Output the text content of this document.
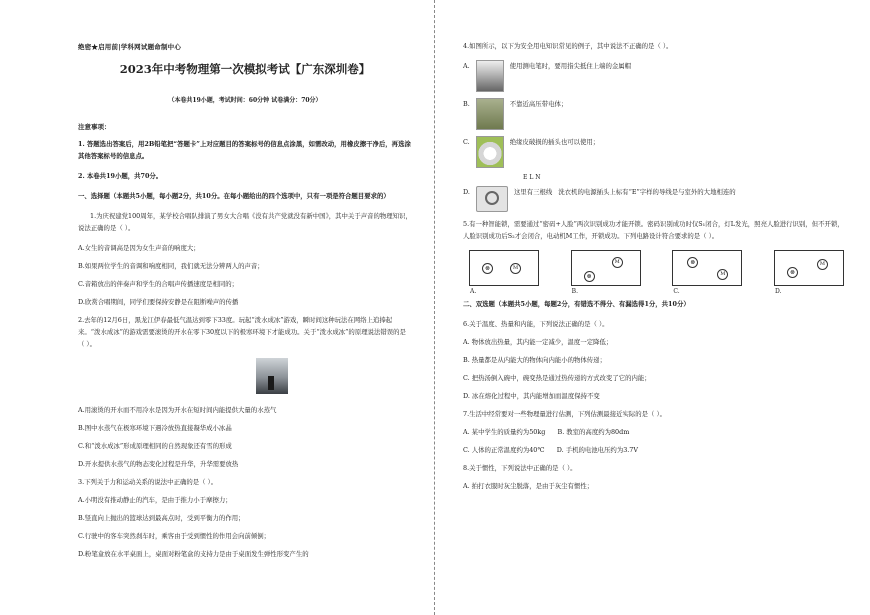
绝密★启用前|学科网试题命制中心
2023年中考物理第一次模拟考试【广东深圳卷】
（本卷共19小题，考试时间：60分钟 试卷满分：70分）
注意事项：

1. 答题选出答案后，用2B铅笔把“答题卡”上对应题目的答案标号的信息点涂黑，如需改动，用橡皮擦干净后，再选涂其他答案标号的信息点。

2. 本卷共19小题，共70分。

一、选择题（本题共5小题，每小题2分，共10分。在每小题给出的四个选项中，只有一项是符合题目要求的）

1.为庆祝建党100周年，某学校合唱队排演了男女大合唱《没有共产党就没有新中国》，其中关于声音的物理知识，说法正确的是（ ）。

A.女生的音调高是因为女生声音的响度大；

B.如果两位学生的音调和响度相同，我们就无法分辨两人的声音；

C.音箱放出的伴奏声和学生的合唱声传播速度是相同的；

D.欣赏合唱期间，同学们要保持安静是在阻断噪声的传播

2.去年的12月6日，黑龙江伊春最低气温达到零下33度。玩起“泼水成冰”游戏，瞬时间这种玩法在网络上追捧起来。“泼水成冰”的游戏需要滚烫的开水在零下30度以下的极寒环境下才能成功。关于“泼水成冰”的原理说法错误的是（ ）。

A.用滚烫的开水而不用冷水是因为开水在短时间内能提供大量的水蒸气

B.图中水蒸气在极寒环境下遇冷放热直接凝华成小冰晶

C.和“泼水成冰”形成原理相同的自然现象还有雪的形成

D.开水提供水蒸气的物态变化过程是升华，升华需要放热

3.下列关于力和运动关系的说法中正确的是（ ）。

A.小明没有推动静止的汽车，是由于推力小于摩擦力；

B.竖直向上抛出的篮球达到最高点时，受到平衡力的作用；

C.行驶中的客车突然刹车时，乘客由于受到惯性的作用会向前倾倒；

D.粉笔盒放在水平桌面上，桌面对粉笔盒的支持力是由于桌面发生弹性形变产生的

4.如图所示，以下为安全用电知识常见的例子，其中说法不正确的是（ ）。

A.	使用测电笔时，要用指尖抵住上端的金属帽
B.	不靠近高压带电体；
C.	绝缘皮破损的插头也可以使用；
E L N
D.	这里有三根线 洗衣机的电源插头上标有“E”字样的导线是与室外的大地相连的

5.有一种智能锁，需要通过“密码+人脸”两次识别成功才能开锁。密码识别成功时仅S₁闭合，灯L发光，照亮人脸进行识别，但不开锁，人脸识别成功后S₂才会闭合，电动机M工作，开锁成功。下列电路设计符合要求的是（ ）。

⊗	M
A.
⊗
M
B.
⊗
M
C.
⊗
M
D.

二、双选题（本题共5小题，每题2分，有错选不得分、有漏选得1分，共10分）

6.关于温度、热量和内能，下列说法正确的是（ ）。

A. 物体放出热量，其内能一定减少，温度一定降低；

B. 热量都是从内能大的物体向内能小的物体传递；

C. 把热汤倒入碗中，碗变热是通过热传递的方式改变了它的内能；

D. 冰在熔化过程中，其内能增加而温度保持不变

7.生活中经常要对一些物理量进行估测，下列估测最接近实际的是（ ）。

A. 某中学生的质量约为50kg B. 教室的高度约为80dm

C. 人体的正常温度约为40℃ D. 手机的电池电压约为3.7V

8.关于惯性，下列说法中正确的是（ ）。

A. 拍打衣服时灰尘脱落，是由于灰尘有惯性；
